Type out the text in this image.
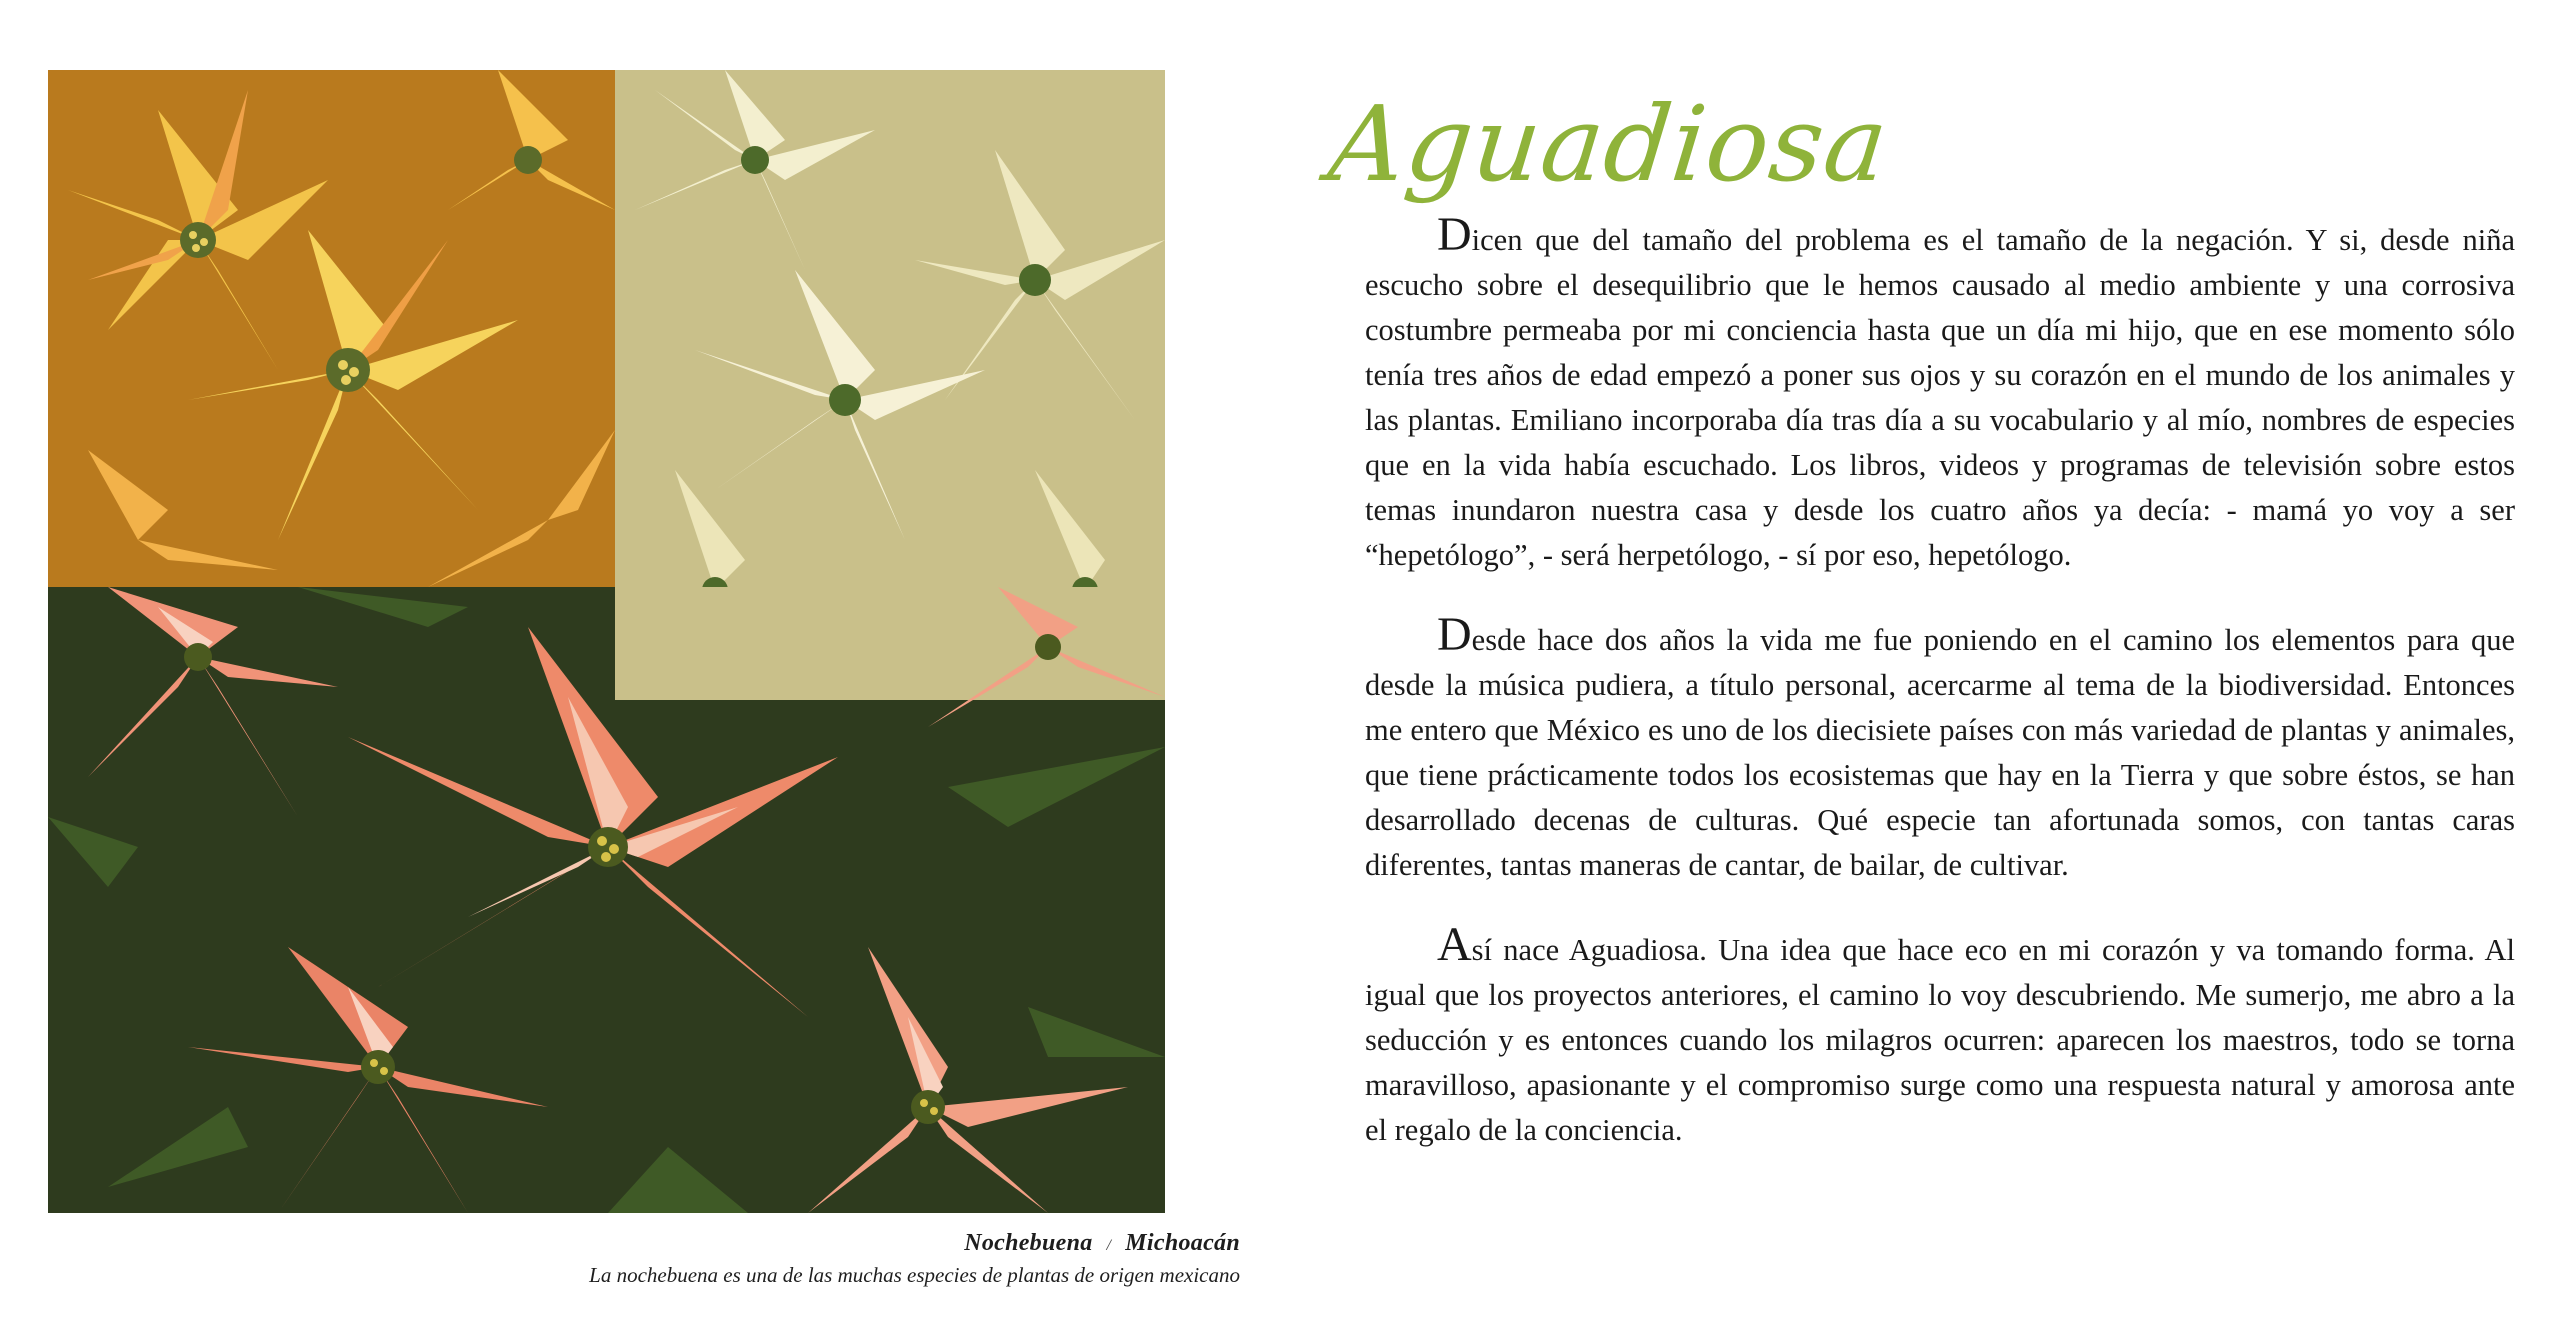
Nochebuena / Michoacán
La nochebuena es una de las muchas especies de plantas de origen mexicano
Aguadiosa

Dicen que del tamaño del problema es el tamaño de la negación. Y si, desde niña escucho sobre el desequilibrio que le hemos causado al medio ambiente y una corrosiva costumbre permeaba por mi conciencia hasta que un día mi hijo, que en ese momento sólo tenía tres años de edad empezó a poner sus ojos y su corazón en el mundo de los animales y las plantas. Emiliano incorporaba día tras día a su vocabulario y al mío, nombres de especies que en la vida había escuchado. Los libros, videos y programas de televisión sobre estos temas inundaron nuestra casa y desde los cuatro años ya decía: - mamá yo voy a ser “hepetólogo”, - será herpetólogo, - sí por eso, hepetólogo.

Desde hace dos años la vida me fue poniendo en el camino los elementos para que desde la música pudiera, a título personal, acercarme al tema de la biodiversidad. Entonces me entero que México es uno de los diecisiete países con más variedad de plantas y animales, que tiene prácticamente todos los ecosistemas que hay en la Tierra y que sobre éstos, se han desarrollado decenas de culturas. Qué especie tan afortunada somos, con tantas caras diferentes, tantas maneras de cantar, de bailar, de cultivar.

Así nace Aguadiosa. Una idea que hace eco en mi corazón y va tomando forma. Al igual que los proyectos anteriores, el camino lo voy descubriendo. Me sumerjo, me abro a la seducción y es entonces cuando los milagros ocurren: aparecen los maestros, todo se torna maravilloso, apasionante y el compromiso surge como una respuesta natural y amorosa ante el regalo de la conciencia.
